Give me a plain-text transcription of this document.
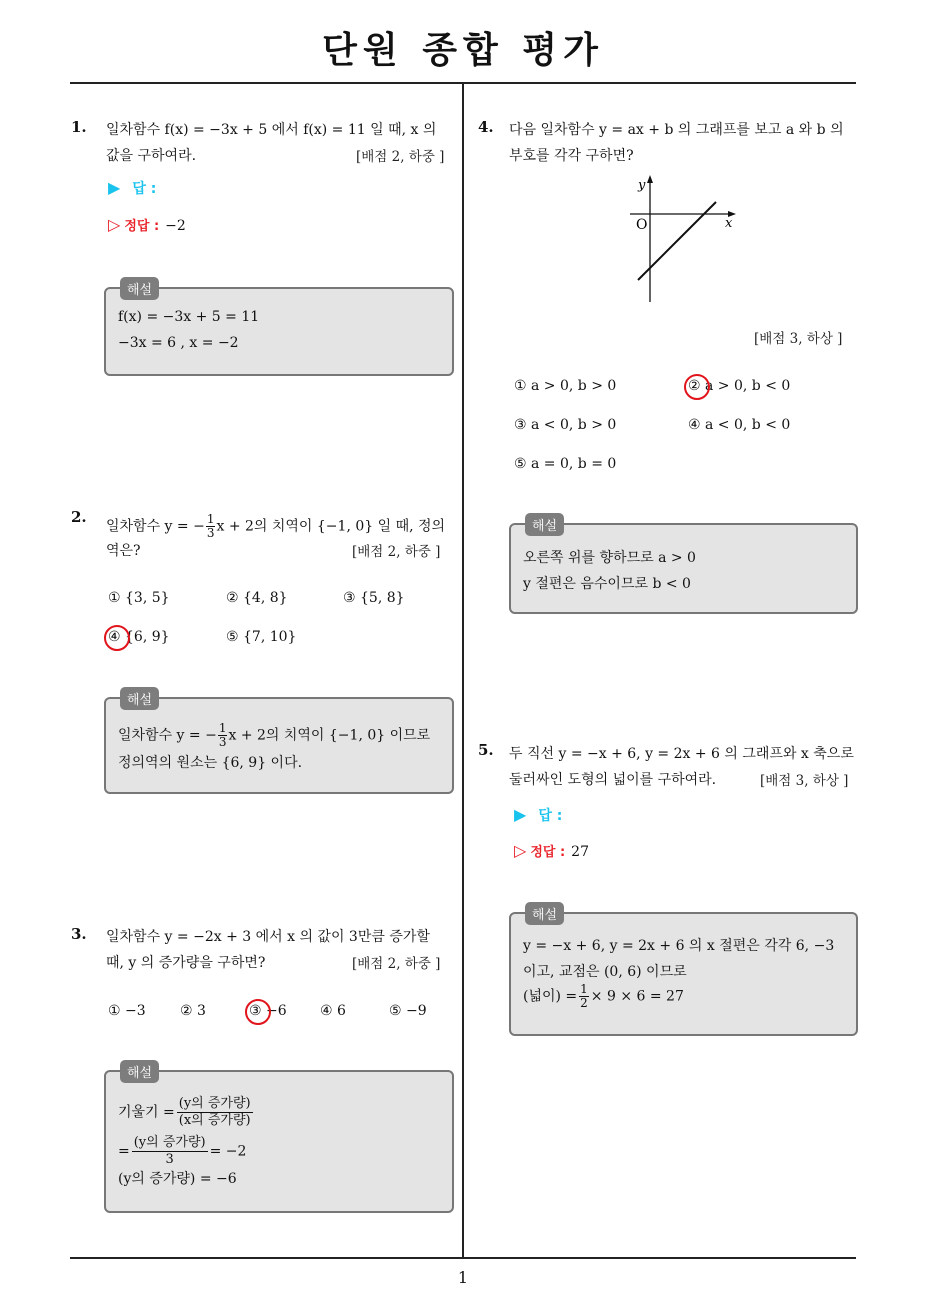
단원 종합 평가
1. 일차함수 f(x) = −3x + 5 에서 f(x) = 11 일 때, x 의
값을 구하여라.	[배점 2, 하중 ]
▶ 답 :
▷ 정답 : −2
해설
f(x) = −3x + 5 = 11
−3x = 6 , x = −2
2.
일차함수 y = − $\frac{1}{3}$ x + 2의 치역이 {−1, 0} 일 때, 정의
역은?	[배점 2, 하중 ]
① {3, 5}	② {4, 8}	③ {5, 8}
④ {6, 9}	⑤ {7, 10}
해설
일차함수 y = − $\frac{1}{3}$ x + 2의 치역이 {−1, 0} 이므로
정의역의 원소는 {6, 9} 이다.
3. 일차함수 y = −2x + 3 에서 x 의 값이 3만큼 증가할
때, y 의 증가량을 구하면?	[배점 2, 하중 ]
① −3 ② 3	③ −6 ④ 6	⑤ −9
해설
기울기 =
(y의 증가량)
(x의 증가량)
=
(y의 증가량)
3	= −2
(y의 증가량) = −6
4. 다음 일차함수 y = ax + b 의 그래프를 보고 a 와 b 의
부호를 각각 구하면?
y
x
O
[배점 3, 하상 ]
① a > 0, b > 0	② a > 0, b < 0
③ a < 0, b > 0	④ a < 0, b < 0
⑤ a = 0, b = 0
해설
오른쪽 위를 향하므로 a > 0
y 절편은 음수이므로 b < 0
5. 두 직선 y = −x + 6, y = 2x + 6 의 그래프와 x 축으로
둘러싸인 도형의 넓이를 구하여라.	[배점 3, 하상 ]
▶ 답 :
▷ 정답 : 27
해설
y = −x + 6, y = 2x + 6 의 x 절편은 각각 6, −3
이고, 교점은 (0, 6) 이므로
(넓이) = $\frac{1}{2} \times 9 \times 6 = 27$
1
